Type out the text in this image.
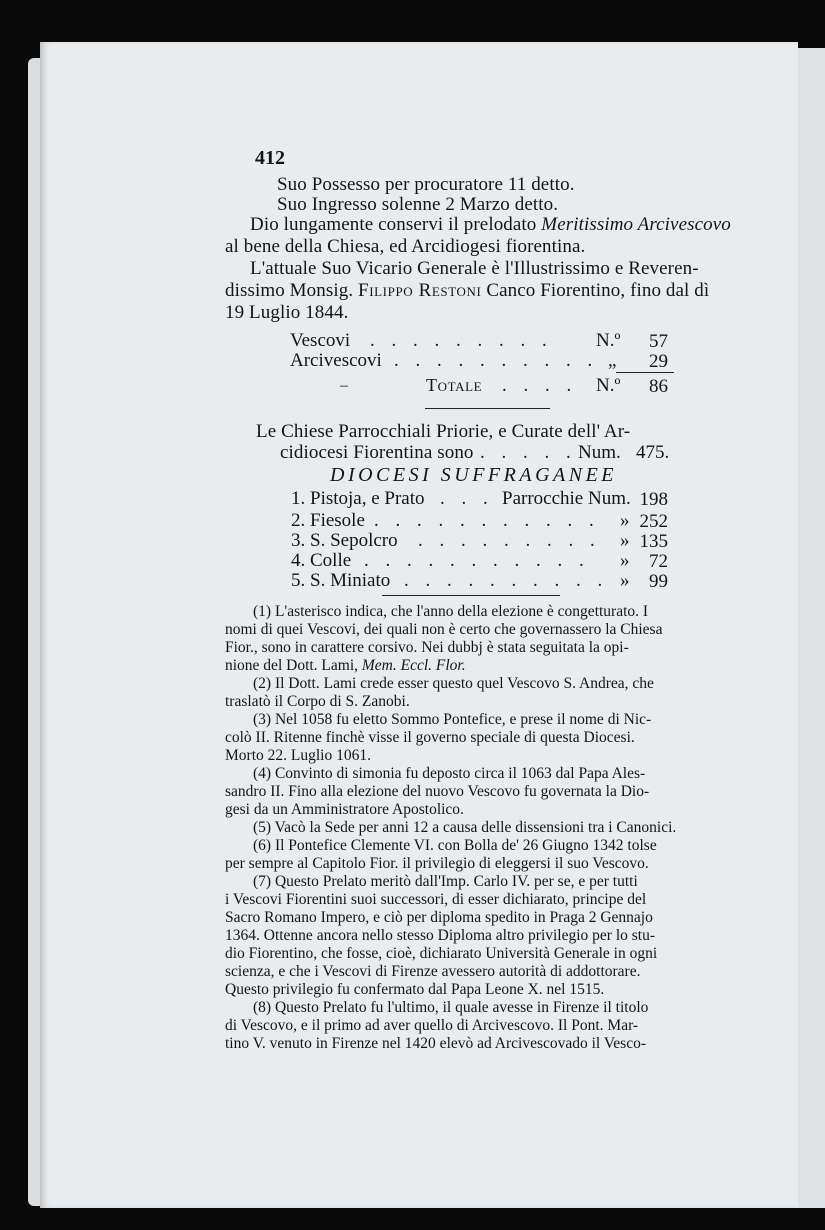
412
Suo Possesso per procuratore 11 detto.
Suo Ingresso solenne 2 Marzo detto.
Dio lungamente conservi il prelodato Meritissimo Arcivescovo
al bene della Chiesa, ed Arcidiogesi fiorentina.
L'attuale Suo Vicario Generale è l'Illustrissimo e Reveren-
dissimo Monsig. Filippo Restoni Canco Fiorentino, fino dal dì
19 Luglio 1844.
Vescovi . . . . . . . . . N.º	57
Arcivescovi . . . . . . . . . . „	29
–	Totale . . . . N.º	86
Le Chiese Parrocchiali Priorie, e Curate dell' Ar-
cidiocesi Fiorentina sono . . . . . Num. 475.
DIOCESI SUFFRAGANEE
1. Pistoja, e Prato . . . Parrocchie Num. 198
2. Fiesole . . . . . . . . . . . » 252
3. S. Sepolcro . . . . . . . . . » 135
4. Colle . . . . . . . . . . . »	72
5. S. Miniato . . . . . . . . . . »	99
(1) L'asterisco indica, che l'anno della elezione è congetturato. I
nomi di quei Vescovi, dei quali non è certo che governassero la Chiesa
Fior., sono in carattere corsivo. Nei dubbj è stata seguitata la opi-
nione del Dott. Lami, Mem. Eccl. Flor.
(2) Il Dott. Lami crede esser questo quel Vescovo S. Andrea, che
traslatò il Corpo di S. Zanobi.
(3) Nel 1058 fu eletto Sommo Pontefice, e prese il nome di Nic-
colò II. Ritenne finchè visse il governo speciale di questa Diocesi.
Morto 22. Luglio 1061.
(4) Convinto di simonia fu deposto circa il 1063 dal Papa Ales-
sandro II. Fino alla elezione del nuovo Vescovo fu governata la Dio-
gesi da un Amministratore Apostolico.
(5) Vacò la Sede per anni 12 a causa delle dissensioni tra i Canonici.
(6) Il Pontefice Clemente VI. con Bolla de' 26 Giugno 1342 tolse
per sempre al Capitolo Fior. il privilegio di eleggersi il suo Vescovo.
(7) Questo Prelato meritò dall'Imp. Carlo IV. per se, e per tutti
i Vescovi Fiorentini suoi successori, di esser dichiarato, principe del
Sacro Romano Impero, e ciò per diploma spedito in Praga 2 Gennajo
1364. Ottenne ancora nello stesso Diploma altro privilegio per lo stu-
dio Fiorentino, che fosse, cioè, dichiarato Università Generale in ogni
scienza, e che i Vescovi di Firenze avessero autorità di addottorare.
Questo privilegio fu confermato dal Papa Leone X. nel 1515.
(8) Questo Prelato fu l'ultimo, il quale avesse in Firenze il titolo
di Vescovo, e il primo ad aver quello di Arcivescovo. Il Pont. Mar-
tino V. venuto in Firenze nel 1420 elevò ad Arcivescovado il Vesco-
